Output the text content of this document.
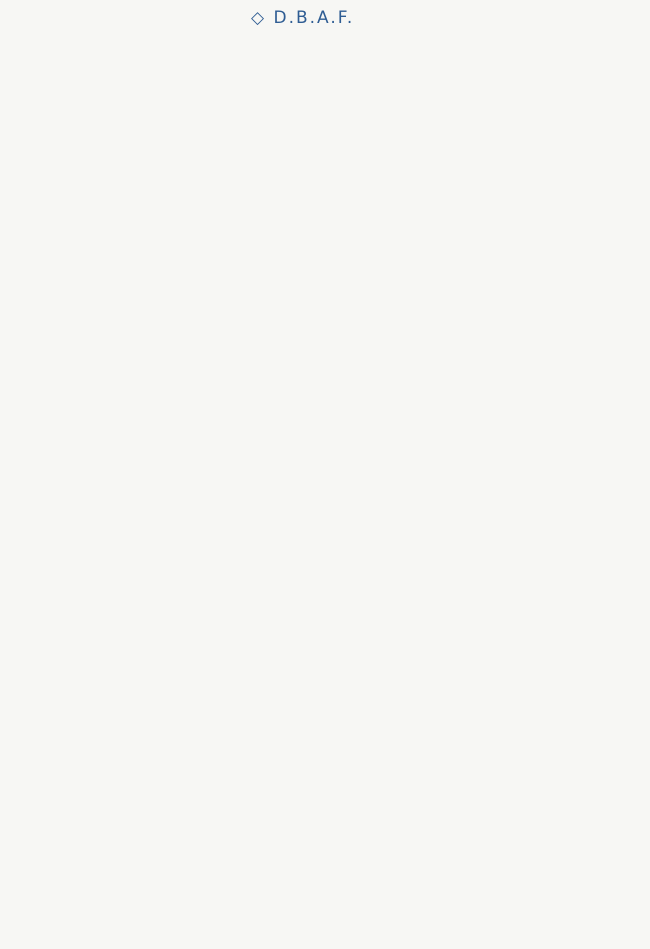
◇ D.B.A.F.
